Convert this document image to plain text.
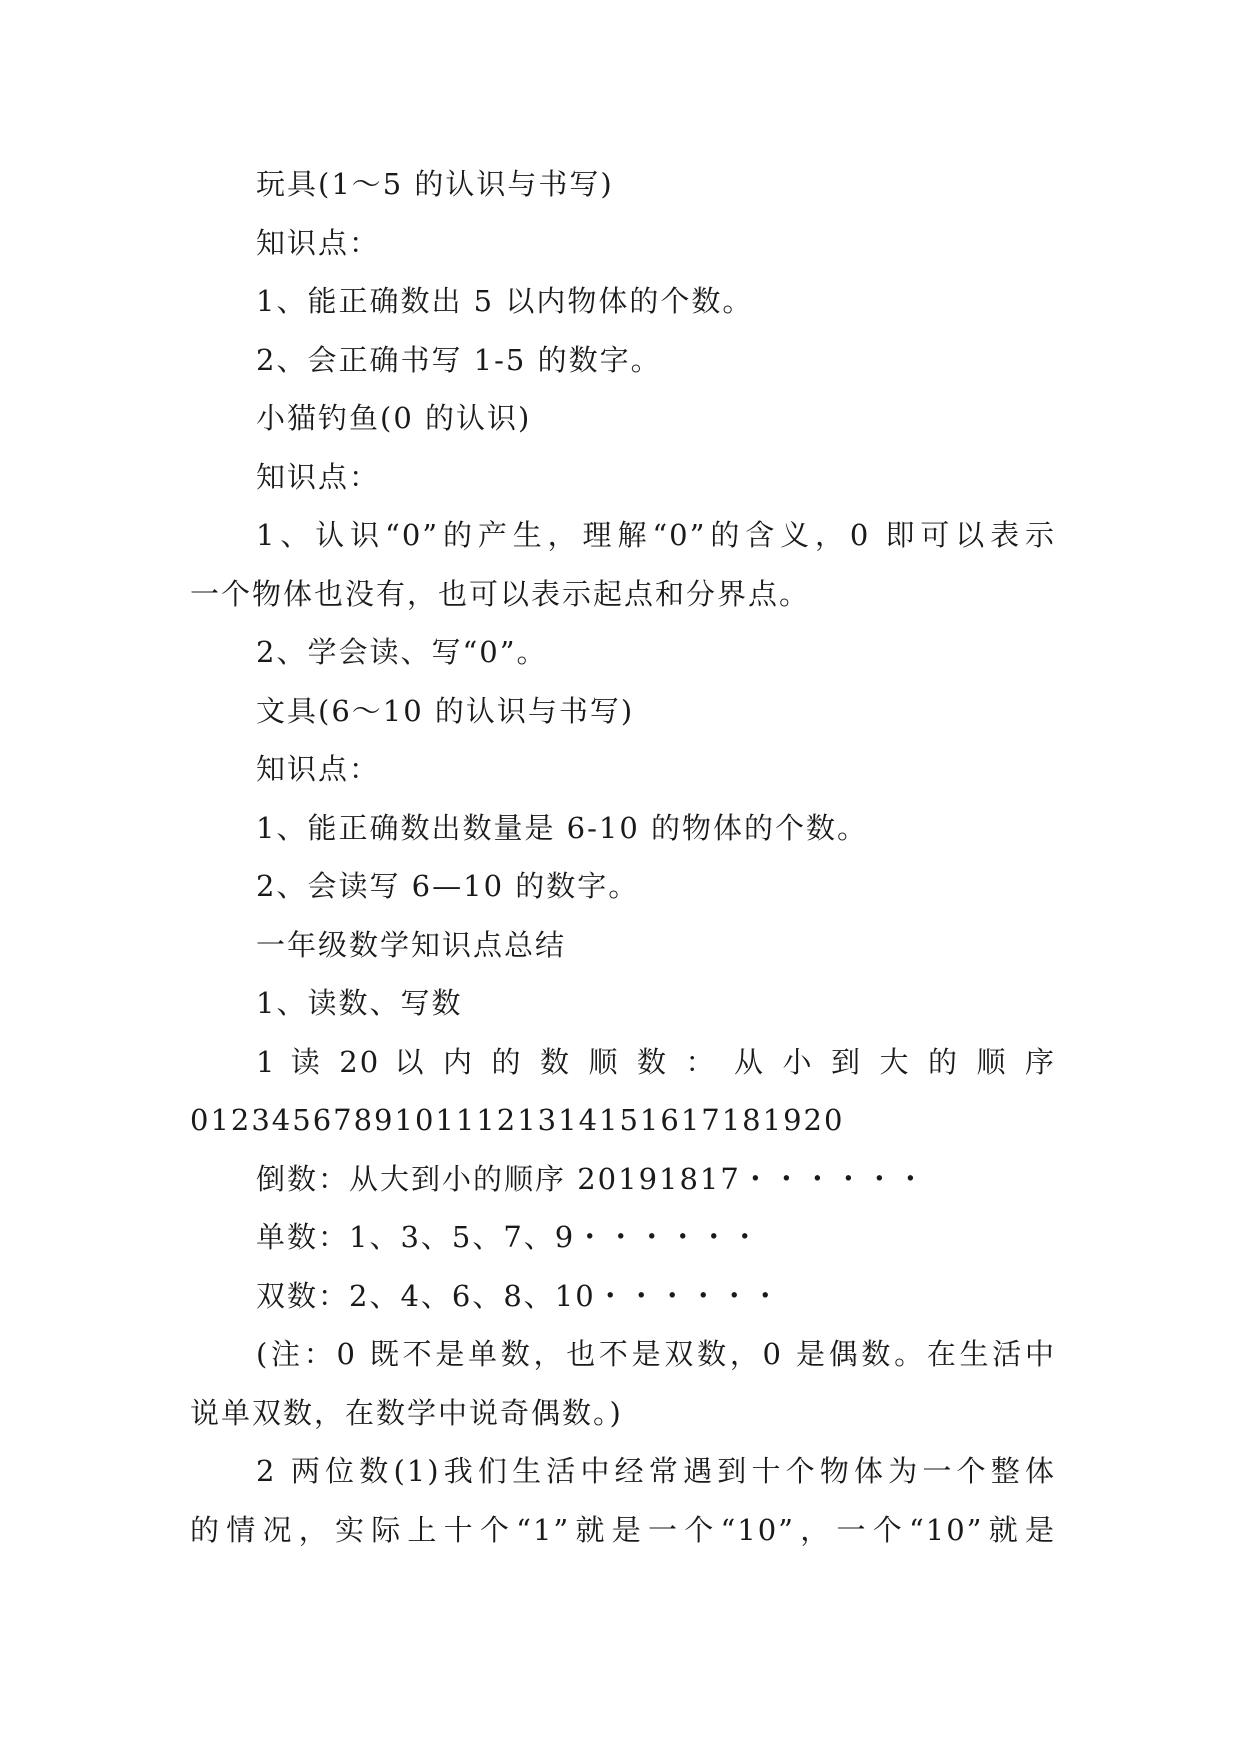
玩具(1～5 的认识与书写)
知识点：
1、能正确数出 5 以内物体的个数。
2、会正确书写 1-5 的数字。
小猫钓鱼(0 的认识)
知识点：
1、认识“0”的产生，理解“0”的含义，0 即可以表示
一个物体也没有，也可以表示起点和分界点。
2、学会读、写“0”。
文具(6～10 的认识与书写)
知识点：
1、能正确数出数量是 6-10 的物体的个数。
2、会读写 6—10 的数字。
一年级数学知识点总结
1、读数、写数
1 读 20 以 内 的 数 顺 数 ： 从 小 到 大 的 顺 序
01234567891011121314151617181920
倒数：从大到小的顺序 20191817・・・・・・
单数：1、3、5、7、9・・・・・・
双数：2、4、6、8、10・・・・・・
(注：0 既不是单数，也不是双数，0 是偶数。在生活中
说单双数，在数学中说奇偶数。)
2 两位数(1)我们生活中经常遇到十个物体为一个整体
的情况，实际上十个“1”就是一个“10”，一个“10”就是
